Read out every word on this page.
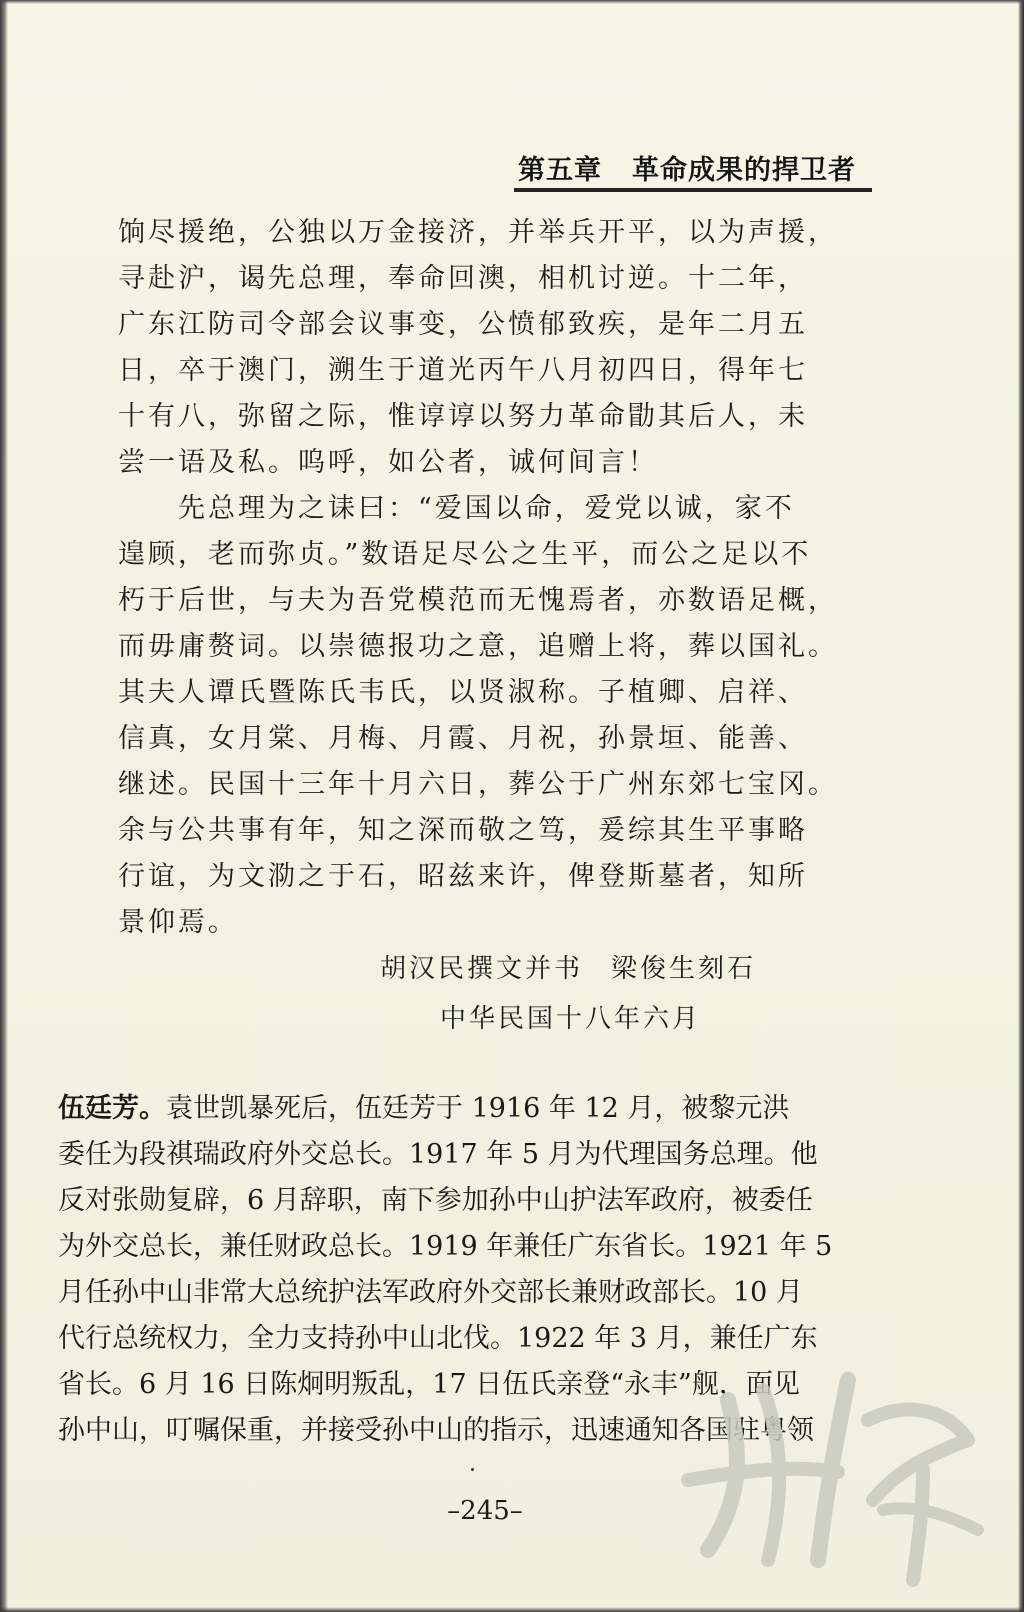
第五章 革命成果的捍卫者
饷尽援绝，公独以万金接济，并举兵开平，以为声援，
寻赴沪，谒先总理，奉命回澳，相机讨逆。十二年，
广东江防司令部会议事变，公愤郁致疾，是年二月五
日，卒于澳门，溯生于道光丙午八月初四日，得年七
十有八，弥留之际，惟谆谆以努力革命勖其后人，未
尝一语及私。呜呼，如公者，诚何间言！
　　先总理为之诔曰：“爱国以命，爱党以诚，家不
遑顾，老而弥贞。”数语足尽公之生平，而公之足以不
朽于后世，与夫为吾党模范而无愧焉者，亦数语足概，
而毋庸赘词。以崇德报功之意，追赠上将，葬以国礼。
其夫人谭氏暨陈氏韦氏，以贤淑称。子植卿、启祥、
信真，女月棠、月梅、月霞、月祝，孙景垣、能善、
继述。民国十三年十月六日，葬公于广州东郊七宝冈。
余与公共事有年，知之深而敬之笃，爰综其生平事略
行谊，为文泐之于石，昭兹来许，俾登斯墓者，知所
景仰焉。
胡汉民撰文并书 梁俊生刻石
中华民国十八年六月
伍廷芳。袁世凯暴死后，伍廷芳于 1916 年 12 月，被黎元洪
委任为段祺瑞政府外交总长。1917 年 5 月为代理国务总理。他
反对张勋复辟，6 月辞职，南下参加孙中山护法军政府，被委任
为外交总长，兼任财政总长。1919 年兼任广东省长。1921 年 5
月任孙中山非常大总统护法军政府外交部长兼财政部长。10 月
代行总统权力，全力支持孙中山北伐。1922 年 3 月，兼任广东
省长。6 月 16 日陈炯明叛乱，17 日伍氏亲登“永丰”舰，面见
孙中山，叮嘱保重，并接受孙中山的指示，迅速通知各国驻粤领
–245–
